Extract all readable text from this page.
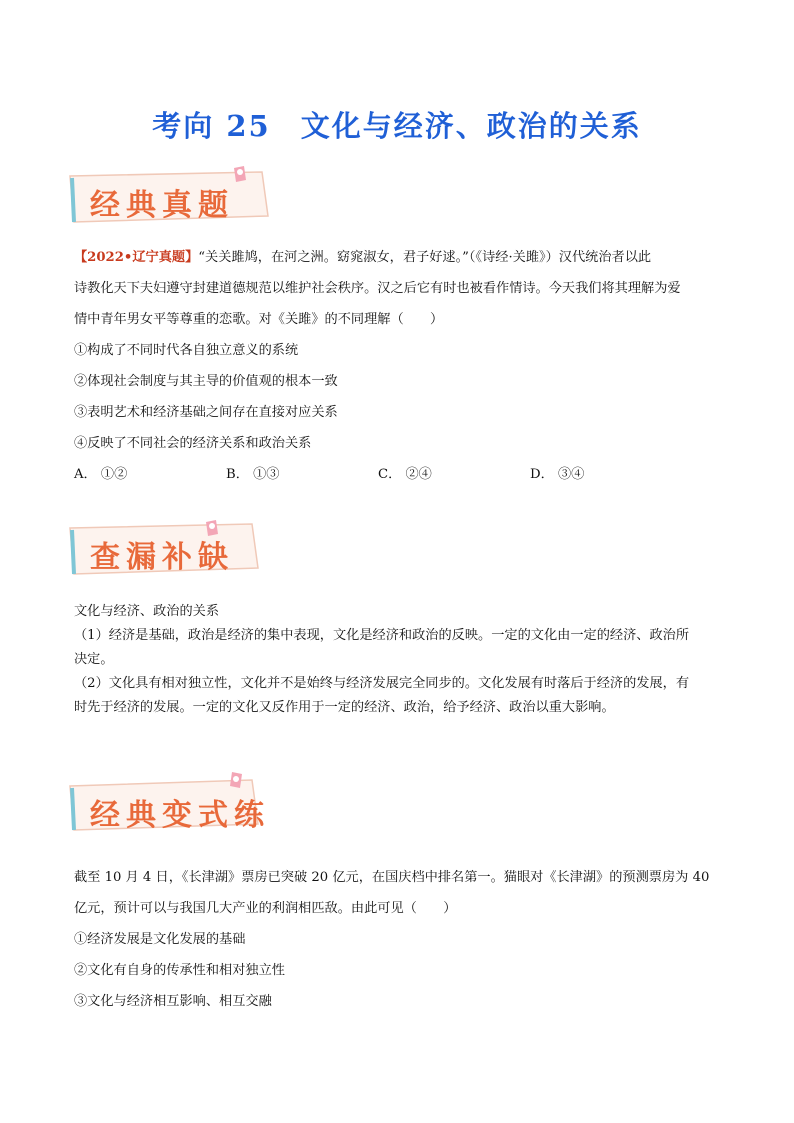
考向 25 文化与经济、政治的关系
经典真题

【2022•辽宁真题】“关关雎鸠，在河之洲。窈窕淑女，君子好逑。”（《诗经·关雎》）汉代统治者以此

诗教化天下夫妇遵守封建道德规范以维护社会秩序。汉之后它有时也被看作情诗。今天我们将其理解为爱

情中青年男女平等尊重的恋歌。对《关雎》的不同理解（　　）

①构成了不同时代各自独立意义的系统

②体现社会制度与其主导的价值观的根本一致

③表明艺术和经济基础之间存在直接对应关系

④反映了不同社会的经济关系和政治关系

A． ①②	B． ①③	C． ②④	D． ③④

查漏补缺

文化与经济、政治的关系

（1）经济是基础，政治是经济的集中表现，文化是经济和政治的反映。一定的文化由一定的经济、政治所

决定。

（2）文化具有相对独立性，文化并不是始终与经济发展完全同步的。文化发展有时落后于经济的发展，有

时先于经济的发展。一定的文化又反作用于一定的经济、政治，给予经济、政治以重大影响。

经典变式练

截至 10 月 4 日，《长津湖》票房已突破 20 亿元，在国庆档中排名第一。猫眼对《长津湖》的预测票房为 40

亿元，预计可以与我国几大产业的利润相匹敌。由此可见（　　）

①经济发展是文化发展的基础

②文化有自身的传承性和相对独立性

③文化与经济相互影响、相互交融
